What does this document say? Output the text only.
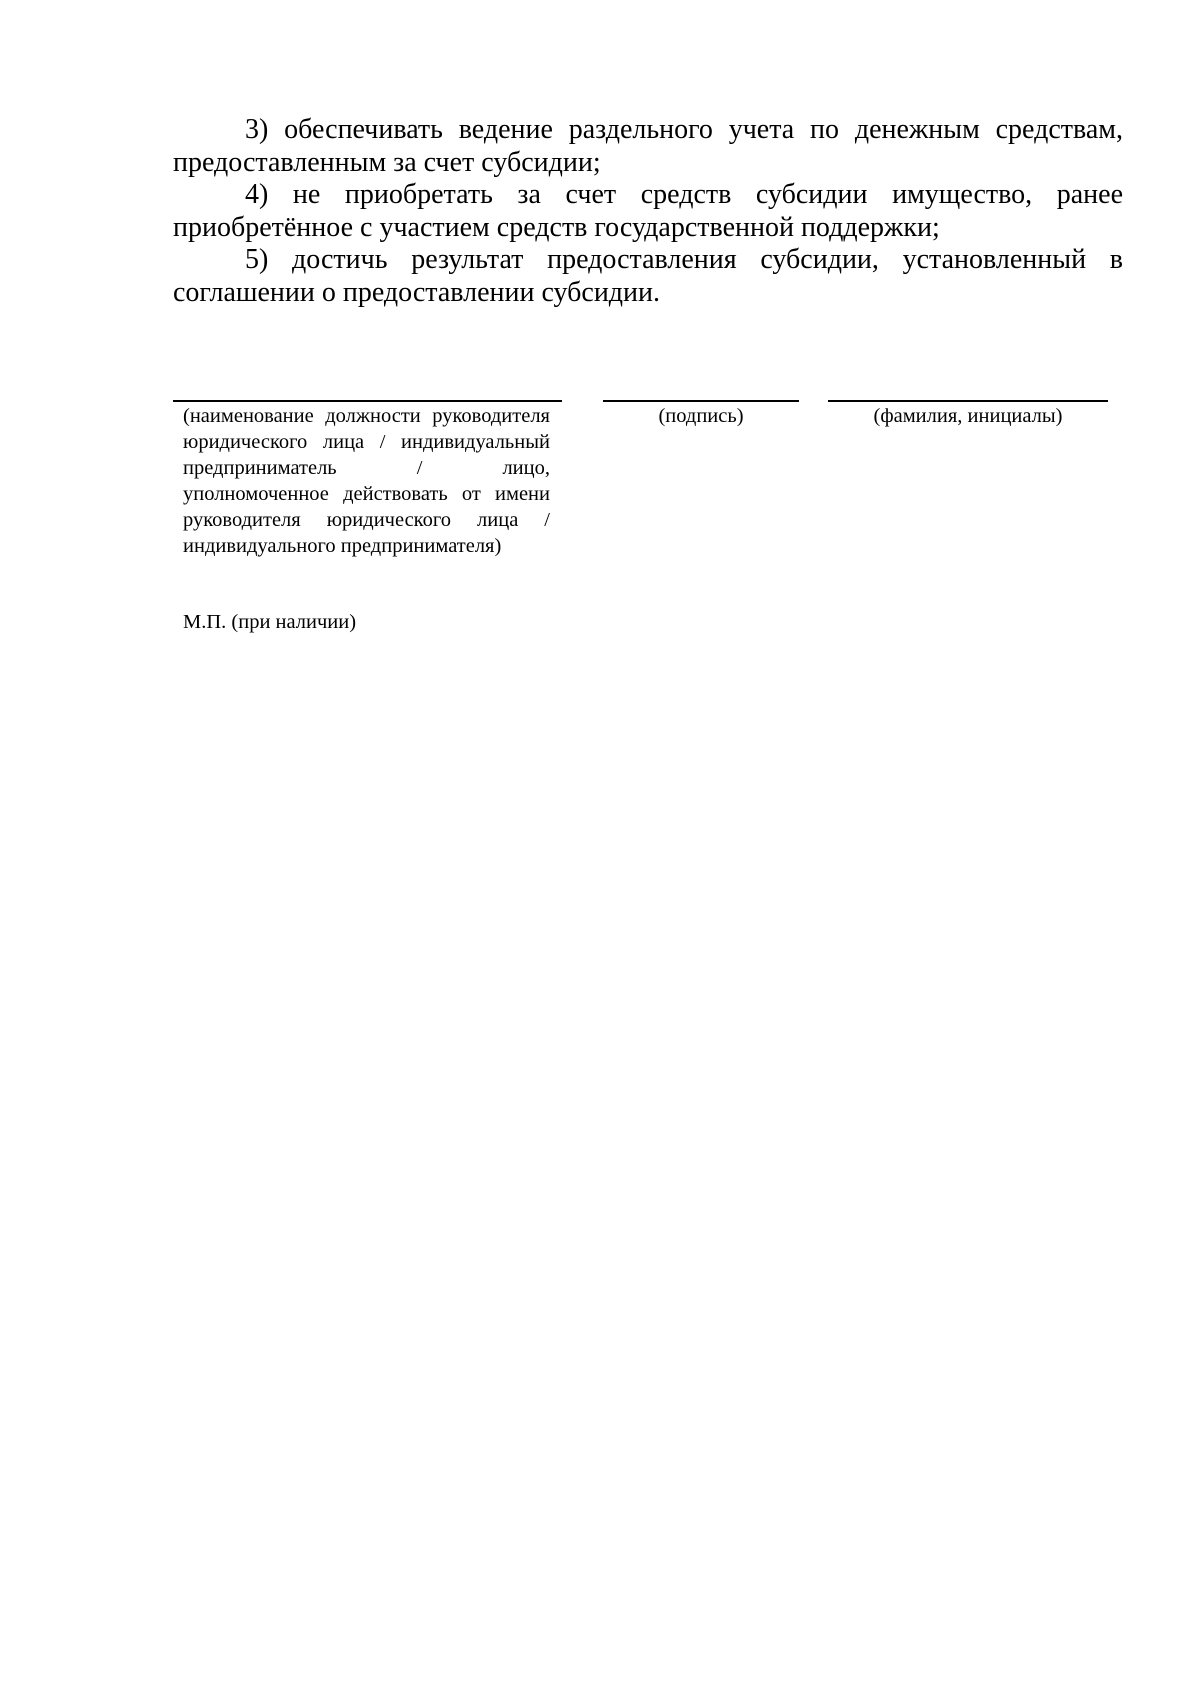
3) обеспечивать ведение раздельного учета по денежным средствам, предоставленным за счет субсидии;

4) не приобретать за счет средств субсидии имущество, ранее приобретённое с участием средств государственной поддержки;

5) достичь результат предоставления субсидии, установленный в соглашении о предоставлении субсидии.

(наименование должности руководителя юридического лица / индивидуальный предприниматель / лицо, уполномоченное действовать от имени руководителя юридического лица / индивидуального предпринимателя)
(подпись)	(фамилия, инициалы)
М.П. (при наличии)
